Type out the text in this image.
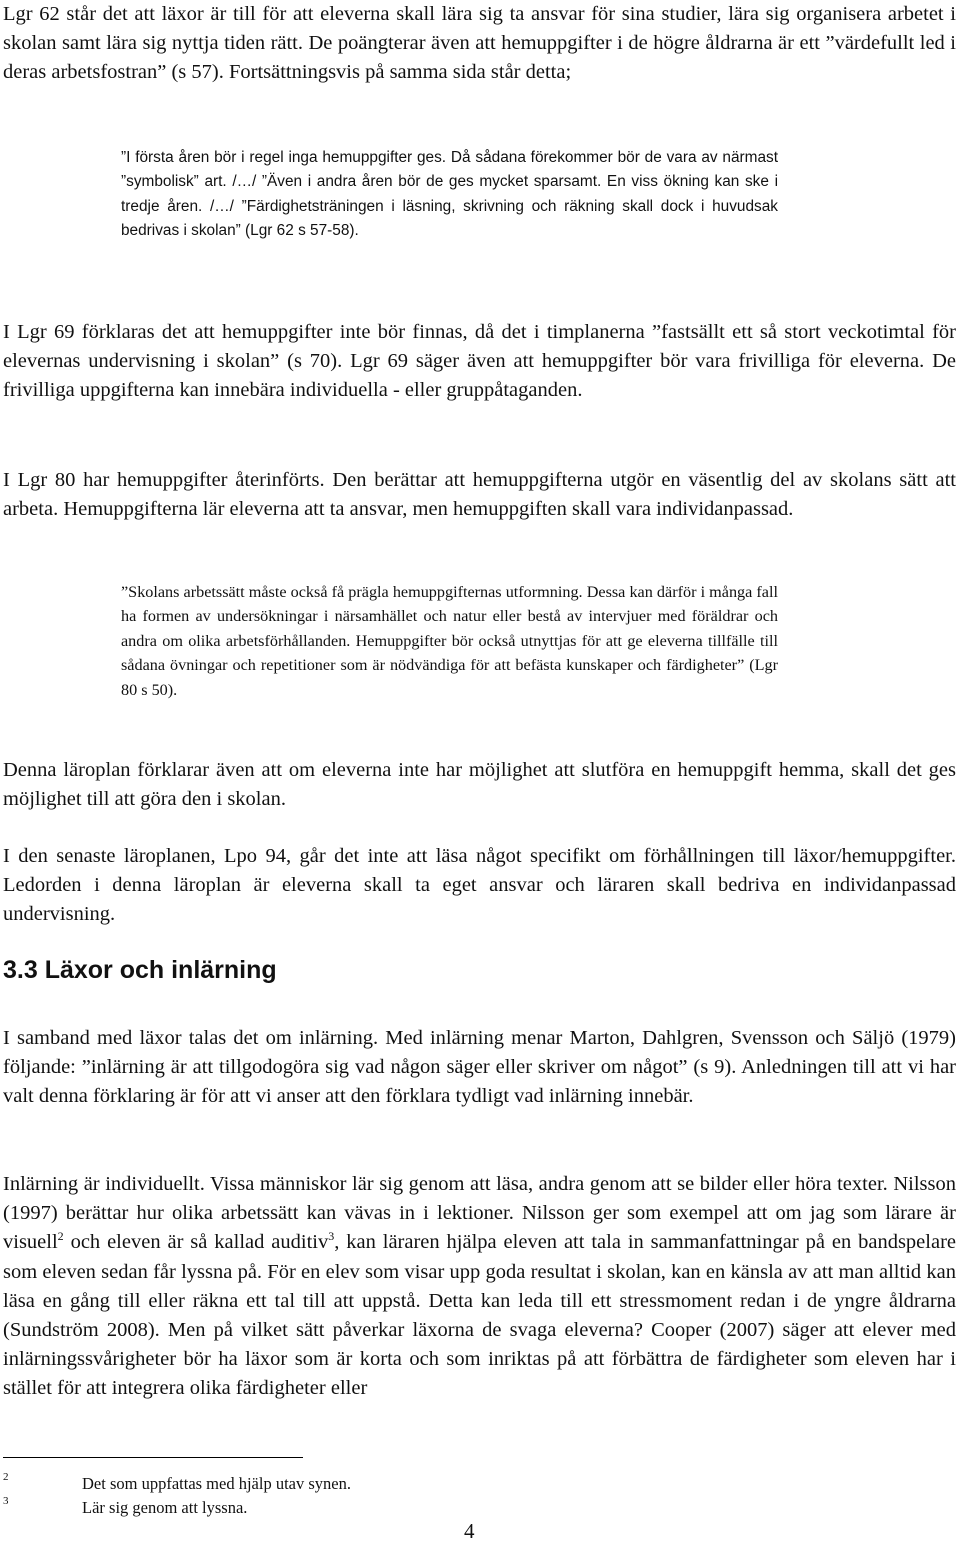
Lgr 62 står det att läxor är till för att eleverna skall lära sig ta ansvar för sina studier, lära sig organisera arbetet i skolan samt lära sig nyttja tiden rätt. De poängterar även att hemuppgifter i de högre åldrarna är ett ”värdefullt led i deras arbetsfostran” (s 57). Fortsättningsvis på samma sida står detta;

”I första åren bör i regel inga hemuppgifter ges. Då sådana förekommer bör de vara av närmast ”symbolisk” art. /…/ ”Även i andra åren bör de ges mycket sparsamt. En viss ökning kan ske i tredje åren. /…/ ”Färdighetsträningen i läsning, skrivning och räkning skall dock i huvudsak bedrivas i skolan” (Lgr 62 s 57-58).

I Lgr 69 förklaras det att hemuppgifter inte bör finnas, då det i timplanerna ”fastsällt ett så stort veckotimtal för elevernas undervisning i skolan” (s 70). Lgr 69 säger även att hemuppgifter bör vara frivilliga för eleverna. De frivilliga uppgifterna kan innebära individuella - eller gruppåtaganden.

I Lgr 80 har hemuppgifter återinförts. Den berättar att hemuppgifterna utgör en väsentlig del av skolans sätt att arbeta. Hemuppgifterna lär eleverna att ta ansvar, men hemuppgiften skall vara individanpassad.

”Skolans arbetssätt måste också få prägla hemuppgifternas utformning. Dessa kan därför i många fall ha formen av undersökningar i närsamhället och natur eller bestå av intervjuer med föräldrar och andra om olika arbetsförhållanden. Hemuppgifter bör också utnyttjas för att ge eleverna tillfälle till sådana övningar och repetitioner som är nödvändiga för att befästa kunskaper och färdigheter” (Lgr 80 s 50).

Denna läroplan förklarar även att om eleverna inte har möjlighet att slutföra en hemuppgift hemma, skall det ges möjlighet till att göra den i skolan.

I den senaste läroplanen, Lpo 94, går det inte att läsa något specifikt om förhållningen till läxor/hemuppgifter. Ledorden i denna läroplan är eleverna skall ta eget ansvar och läraren skall bedriva en individanpassad undervisning.

3.3 Läxor och inlärning

I samband med läxor talas det om inlärning. Med inlärning menar Marton, Dahlgren, Svensson och Säljö (1979) följande: ”inlärning är att tillgodogöra sig vad någon säger eller skriver om något” (s 9). Anledningen till att vi har valt denna förklaring är för att vi anser att den förklara tydligt vad inlärning innebär.

Inlärning är individuellt. Vissa människor lär sig genom att läsa, andra genom att se bilder eller höra texter. Nilsson (1997) berättar hur olika arbetssätt kan vävas in i lektioner. Nilsson ger som exempel att om jag som lärare är visuell$^2$ och eleven är så kallad auditiv$^3$, kan läraren hjälpa eleven att tala in sammanfattningar på en bandspelare som eleven sedan får lyssna på. För en elev som visar upp goda resultat i skolan, kan en känsla av att man alltid kan läsa en gång till eller räkna ett tal till att uppstå. Detta kan leda till ett stressmoment redan i de yngre åldrarna (Sundström 2008). Men på vilket sätt påverkar läxorna de svaga eleverna? Cooper (2007) säger att elever med inlärningssvårigheter bör ha läxor som är korta och som inriktas på att förbättra de färdigheter som eleven har i stället för att integrera olika färdigheter eller

2	Det som uppfattas med hjälp utav synen.
3	Lär sig genom att lyssna.
4
